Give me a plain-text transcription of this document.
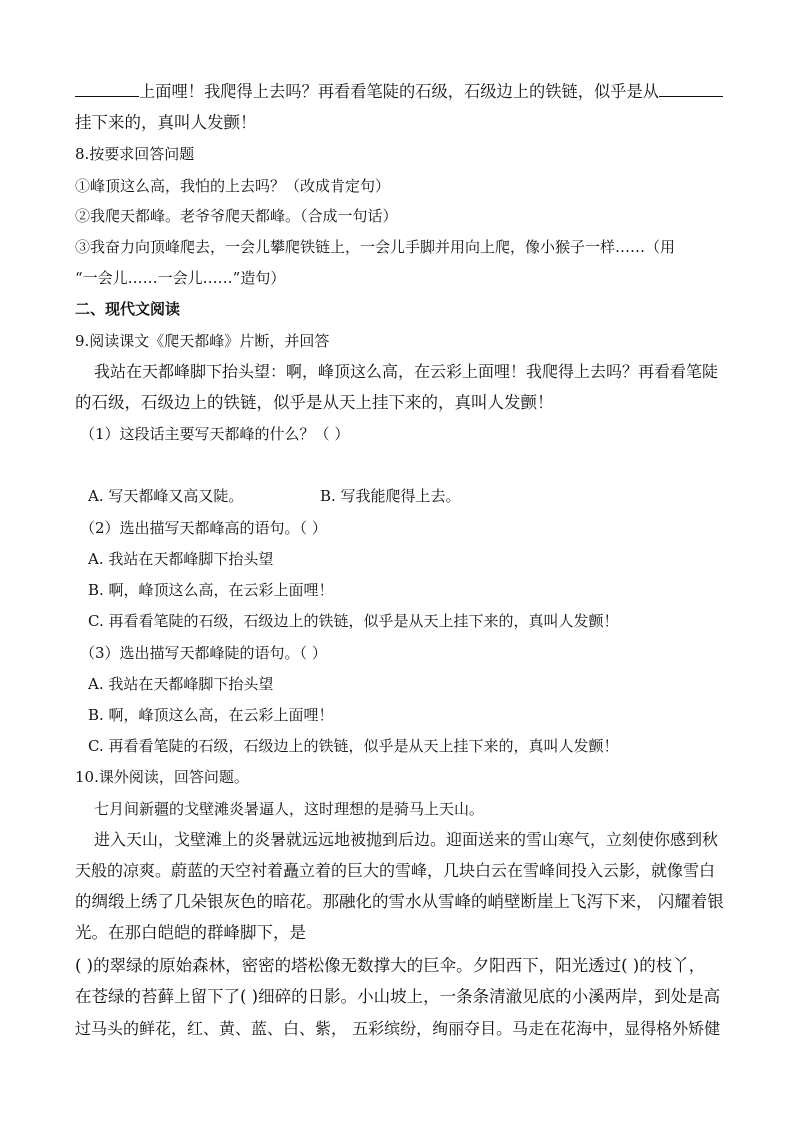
上面哩！我爬得上去吗？再看看笔陡的石级，石级边上的铁链，似乎是从
挂下来的，真叫人发颤！
8.按要求回答问题
①峰顶这么高，我怕的上去吗？（改成肯定句）
②我爬天都峰。老爷爷爬天都峰。（合成一句话）
③我奋力向顶峰爬去，一会儿攀爬铁链上，一会儿手脚并用向上爬，像小猴子一样……（用
“一会儿……一会儿……”造句）
二、现代文阅读
9.阅读课文《爬天都峰》片断，并回答
我站在天都峰脚下抬头望：啊，峰顶这么高，在云彩上面哩！我爬得上去吗？再看看笔陡
的石级，石级边上的铁链，似乎是从天上挂下来的，真叫人发颤！
（1）这段话主要写天都峰的什么？（ ）
A. 写天都峰又高又陡。	B. 写我能爬得上去。
（2）选出描写天都峰高的语句。（ ）
A. 我站在天都峰脚下抬头望
B. 啊，峰顶这么高，在云彩上面哩！
C. 再看看笔陡的石级，石级边上的铁链，似乎是从天上挂下来的，真叫人发颤！
（3）选出描写天都峰陡的语句。（ ）
A. 我站在天都峰脚下抬头望
B. 啊，峰顶这么高，在云彩上面哩！
C. 再看看笔陡的石级，石级边上的铁链，似乎是从天上挂下来的，真叫人发颤！
10.课外阅读，回答问题。
七月间新疆的戈壁滩炎暑逼人，这时理想的是骑马上天山。
进入天山，戈壁滩上的炎暑就远远地被抛到后边。迎面送来的雪山寒气，立刻使你感到秋
天般的凉爽。蔚蓝的天空衬着矗立着的巨大的雪峰，几块白云在雪峰间投入云影，就像雪白
的绸缎上绣了几朵银灰色的暗花。那融化的雪水从雪峰的峭壁断崖上飞泻下来， 闪耀着银
光。在那白皑皑的群峰脚下，是
( )的翠绿的原始森林，密密的塔松像无数撑大的巨伞。夕阳西下，阳光透过( )的枝丫，
在苍绿的苔藓上留下了( )细碎的日影。小山坡上，一条条清澈见底的小溪两岸，到处是高
过马头的鲜花，红、黄、蓝、白、紫， 五彩缤纷，绚丽夺目。马走在花海中，显得格外矫健
